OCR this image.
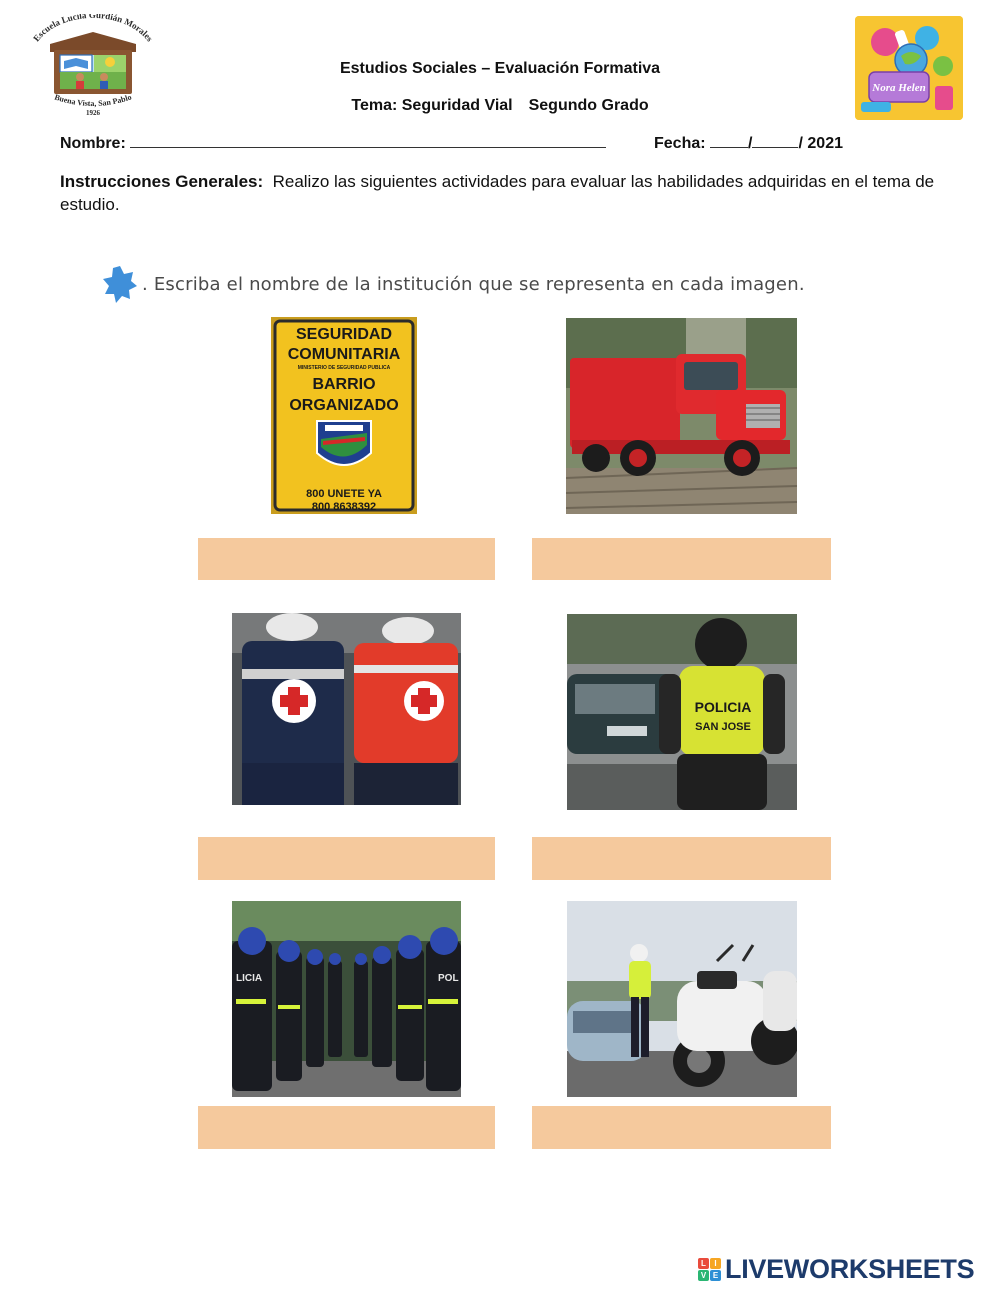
Escuela Lucila Gurdián Morales
Buena Vista, San Pablo
1926
Nora Helen
Estudios Sociales – Evaluación Formativa
Tema: Seguridad Vial Segundo Grado
Nombre:	Fecha:	/	/ 2021
Instrucciones Generales: Realizo las siguientes actividades para evaluar las habilidades adquiridas en el tema de estudio.
. Escriba el nombre de la institución que se representa en cada imagen.
SEGURIDAD
COMUNITARIA
MINISTERIO DE SEGURIDAD PUBLICA
BARRIO
ORGANIZADO
800 UNETE YA
800 8638392
POLICIA
SAN JOSE
LICIA	POL
L	I
V E LIVEWORKSHEETS
